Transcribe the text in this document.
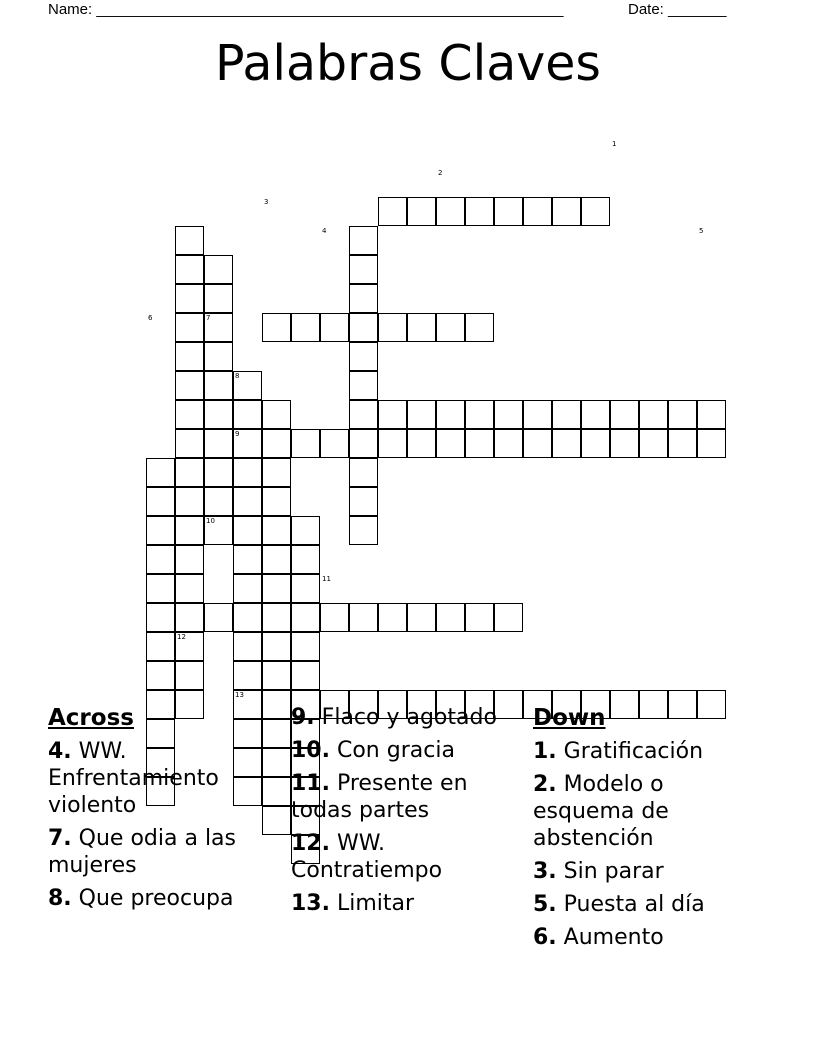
Name: ________________________________________________________	Date: _______
Palabras Claves
1
2
3
4	5
6	7
8
9
10
11
12
13
Across
4. WW. Enfrentamiento violento
7. Que odia a las mujeres
8. Que preocupa
9. Flaco y agotado
10. Con gracia
11. Presente en todas partes
12. WW. Contratiempo
13. Limitar
Down
1. Gratificación
2. Modelo o esquema de abstención
3. Sin parar
5. Puesta al día
6. Aumento
